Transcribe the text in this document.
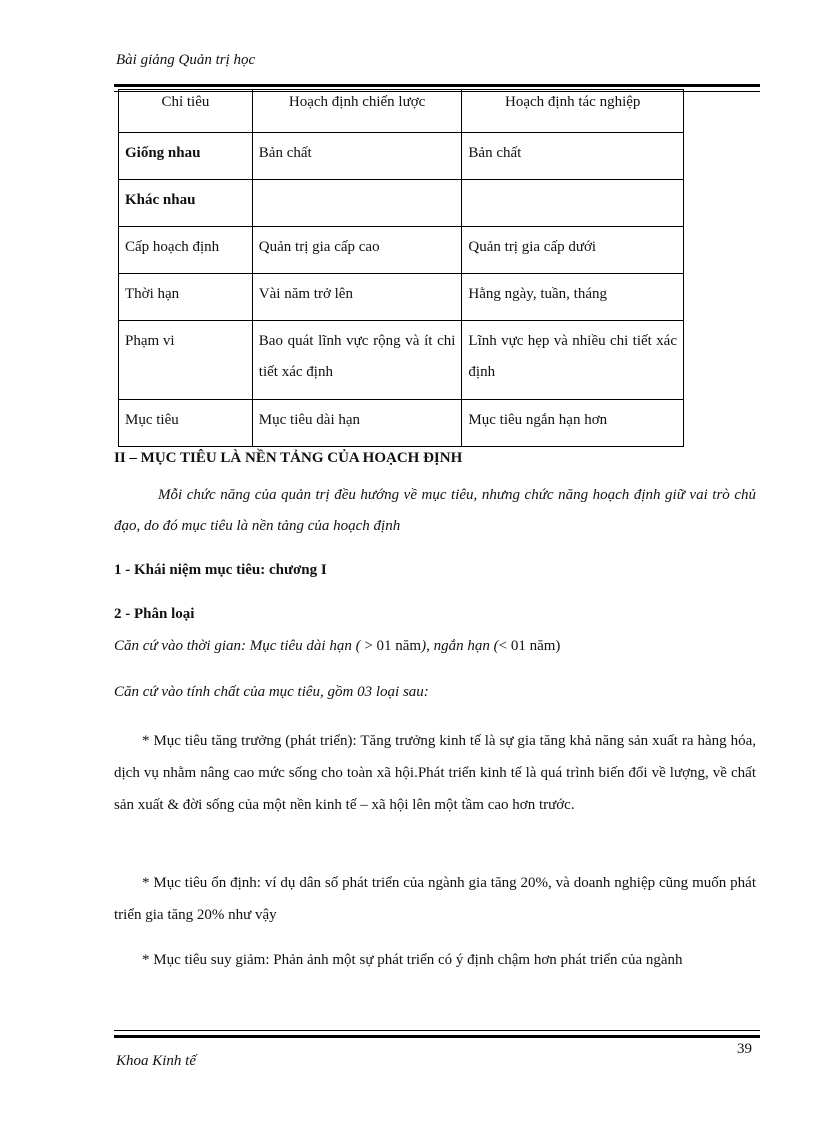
Bài giảng Quản trị học
Chỉ tiêu	Hoạch định chiến lược	Hoạch định tác nghiệp
Giống nhau	Bản chất	Bản chất
Khác nhau		
Cấp hoạch định	Quản trị gia cấp cao	Quản trị gia cấp dưới
Thời hạn	Vài năm trở lên	Hằng ngày, tuần, tháng
Phạm vi	Bao quát lĩnh vực rộng và ít chi tiết xác định	Lĩnh vực hẹp và nhiều chi tiết xác định
Mục tiêu	Mục tiêu dài hạn	Mục tiêu ngắn hạn hơn
II – MỤC TIÊU LÀ NỀN TẢNG CỦA HOẠCH ĐỊNH
Mỗi chức năng của quản trị đều hướng về mục tiêu, nhưng chức năng hoạch định giữ vai trò chủ đạo, do đó mục tiêu là nền tảng của hoạch định
1 - Khái niệm mục tiêu: chương I
2 - Phân loại
Căn cứ vào thời gian: Mục tiêu dài hạn ( > 01 năm), ngắn hạn (< 01 năm)
Căn cứ vào tính chất của mục tiêu, gồm 03 loại sau:
* Mục tiêu tăng trưởng (phát triển): Tăng trưởng kinh tế là sự gia tăng khả năng sản xuất ra hàng hóa, dịch vụ nhằm nâng cao mức sống cho toàn xã hội.Phát triển kinh tế là quá trình biến đổi về lượng, về chất sản xuất & đời sống của một nền kinh tế – xã hội lên một tầm cao hơn trước.
* Mục tiêu ổn định: ví dụ dân số phát triển của ngành gia tăng 20%, và doanh nghiệp cũng muốn phát triển gia tăng 20% như vậy
* Mục tiêu suy giảm: Phản ảnh một sự phát triển có ý định chậm hơn phát triển của ngành
39
Khoa Kinh tế
